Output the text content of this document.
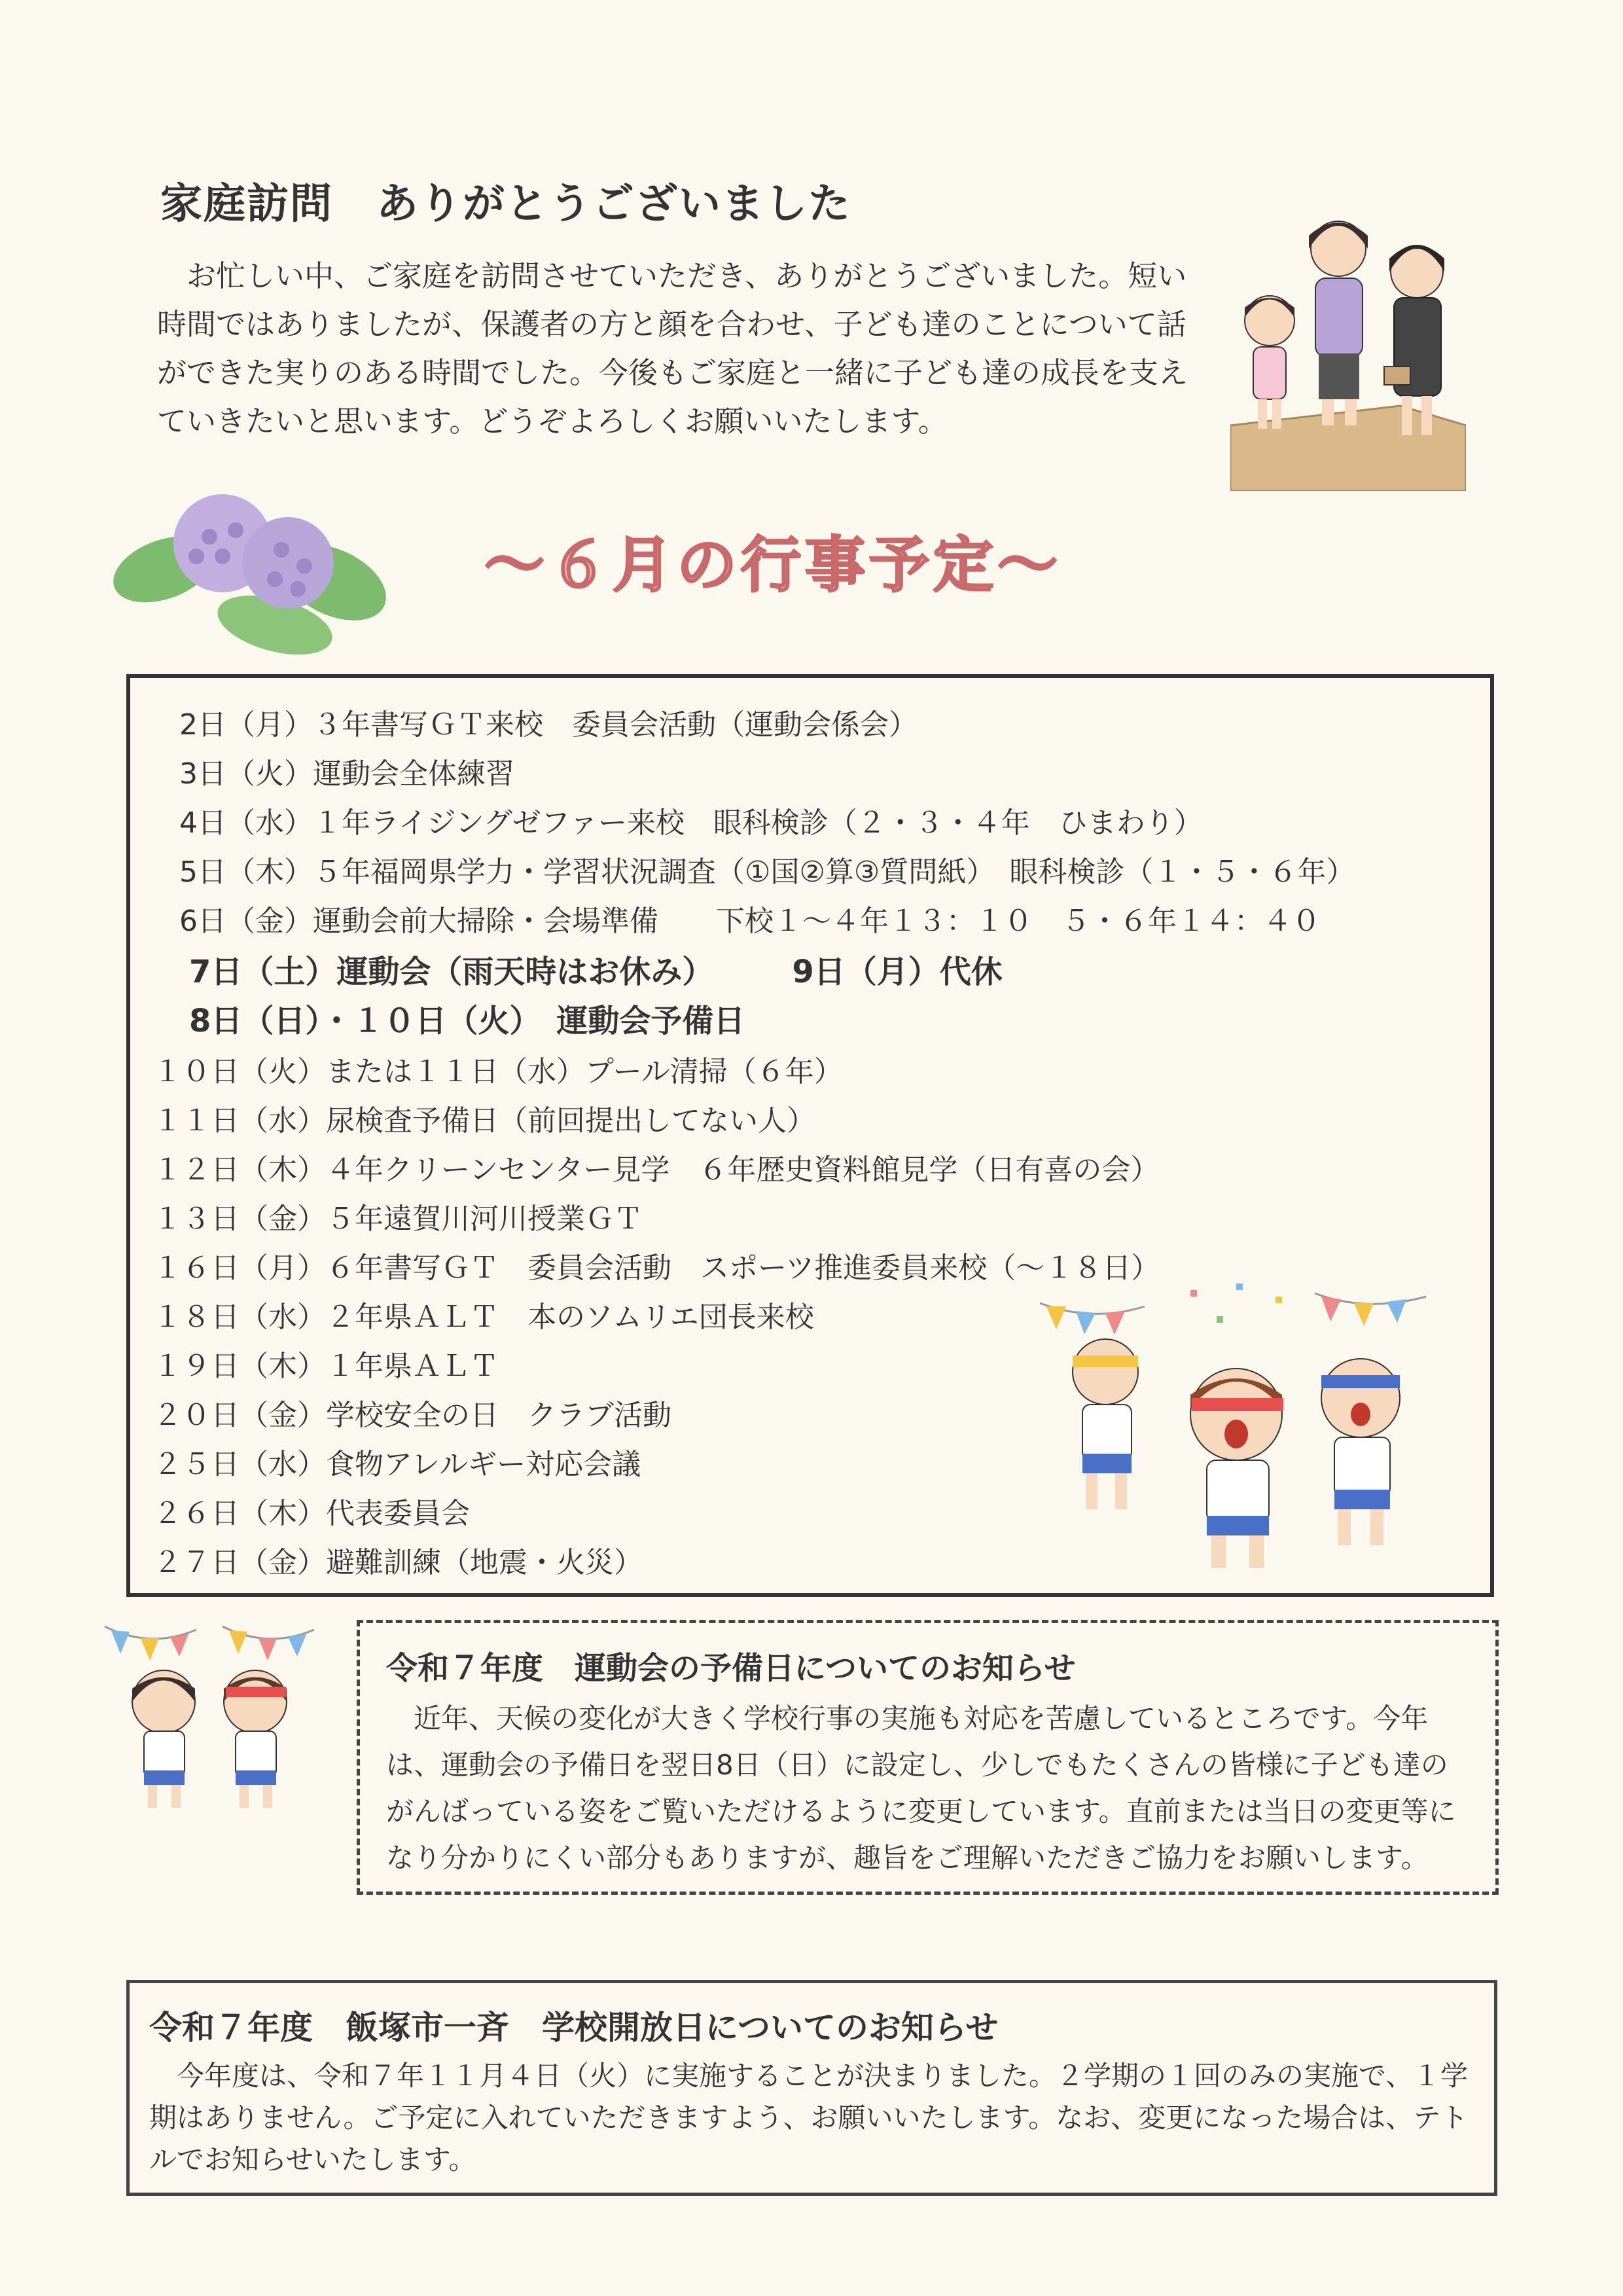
家庭訪問　ありがとうございました
お忙しい中、ご家庭を訪問させていただき、ありがとうございました。短い時間ではありましたが、保護者の方と顔を合わせ、子ども達のことについて話ができた実りのある時間でした。今後もご家庭と一緒に子ども達の成長を支えていきたいと思います。どうぞよろしくお願いいたします。
～６月の行事予定～
2日（月）３年書写ＧＴ来校　委員会活動（運動会係会）
3日（火）運動会全体練習
4日（水）１年ライジングゼファー来校　眼科検診（２・３・４年　ひまわり）
5日（木）５年福岡県学力・学習状況調査（①国②算③質問紙）　眼科検診（１・５・６年）
6日（金）運動会前大掃除・会場準備　　下校１～４年１３：１０　５・６年１４：４０
7日（土）運動会（雨天時はお休み）　　　9日（月）代休
8日（日）・１０日（火）　運動会予備日
１０日（火）または１１日（水）プール清掃（６年）
１１日（水）尿検査予備日（前回提出してない人）
１２日（木）４年クリーンセンター見学　６年歴史資料館見学（日有喜の会）
１３日（金）５年遠賀川河川授業ＧＴ
１６日（月）６年書写ＧＴ　委員会活動　スポーツ推進委員来校（～１８日）
１８日（水）２年県ＡＬＴ　本のソムリエ団長来校
１９日（木）１年県ＡＬＴ
２０日（金）学校安全の日　クラブ活動
２５日（水）食物アレルギー対応会議
２６日（木）代表委員会
２７日（金）避難訓練（地震・火災）
令和７年度　運動会の予備日についてのお知らせ
近年、天候の変化が大きく学校行事の実施も対応を苦慮しているところです。今年は、運動会の予備日を翌日8日（日）に設定し、少しでもたくさんの皆様に子ども達のがんばっている姿をご覧いただけるように変更しています。直前または当日の変更等になり分かりにくい部分もありますが、趣旨をご理解いただきご協力をお願いします。
令和７年度　飯塚市一斉　学校開放日についてのお知らせ
今年度は、令和７年１１月４日（火）に実施することが決まりました。２学期の１回のみの実施で、１学期はありません。ご予定に入れていただきますよう、お願いいたします。なお、変更になった場合は、テトルでお知らせいたします。
